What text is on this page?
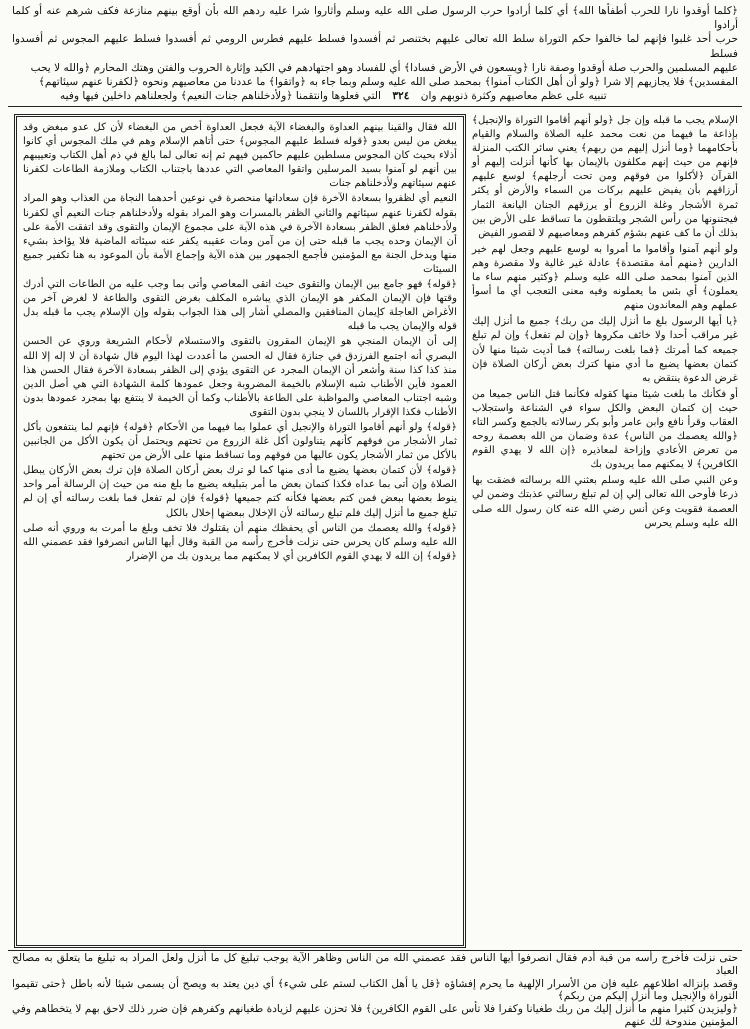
﴿كلما أوقدوا نارا للحرب أطفأها الله﴾ أي كلما أرادوا حرب الرسول صلى الله عليه وسلم وأثاروا شرا عليه ردهم الله بأن أوقع بينهم منازعة فكف شرهم عنه أو كلما أرادوا

حرب أحد غلبوا فإنهم لما خالفوا حكم التوراة سلط الله تعالى عليهم بختنصر ثم أفسدوا فسلط عليهم فطرس الرومي ثم أفسدوا فسلط عليهم المجوس ثم أفسدوا فسلط

عليهم المسلمين والحرب صلة أوقدوا وصفة نارا ﴿ويسعون في الأرض فسادا﴾ أي للفساد وهو اجتهادهم في الكيد وإثارة الحروب والفتن وهتك المحارم ﴿والله لا يحب

المفسدين﴾ فلا يجازيهم إلا شرا ﴿ولو أن أهل الكتاب آمنوا﴾ بمحمد صلى الله عليه وسلم وبما جاء به ﴿واتقوا﴾ ما عددنا من معاصيهم ونحوه ﴿لكفرنا عنهم سيئاتهم﴾

التي فعلوها وانتقمنا ﴿ولأدخلناهم جنات النعيم﴾ ولجعلناهم داخلين فيها وفيه ٣٢٤ تنبيه على عظم معاصيهم وكثرة ذنوبهم وان

الإسلام يجب ما قبله وإن جل ﴿ولو أنهم أقاموا التوراة والإنجيل﴾ بإذاعة ما فيهما من نعت محمد عليه الصلاة والسلام والقيام بأحكامهما ﴿وما أنزل إليهم من ربهم﴾ يعني سائر الكتب المنزلة فإنهم من حيث إنهم مكلفون بالإيمان بها كأنها أنزلت إليهم أو القرآن ﴿لأكلوا من فوقهم ومن تحت أرجلهم﴾ لوسع عليهم أرزاقهم بأن يفيض عليهم بركات من السماء والأرض أو يكثر ثمرة الأشجار وغلة الزروع أو يرزقهم الجنان اليانعة الثمار فيجتنونها من رأس الشجر ويلتقطون ما تساقط على الأرض بين بذلك أن ما كف عنهم بشؤم كفرهم ومعاصيهم لا لقصور الفيض

ولو أنهم آمنوا وأقاموا ما أمروا به لوسع عليهم وجعل لهم خير الدارين ﴿منهم أمة مقتصدة﴾ عادلة غير غالية ولا مقصرة وهم الذين آمنوا بمحمد صلى الله عليه وسلم ﴿وكثير منهم ساء ما يعملون﴾ أي بئس ما يعملونه وفيه معنى التعجب أي ما أسوأ عملهم وهم المعاندون منهم

﴿يا أيها الرسول بلغ ما أنزل إليك من ربك﴾ جميع ما أنزل إليك غير مراقب أحدا ولا خائف مكروها ﴿وإن لم تفعل﴾ وإن لم تبلغ جميعه كما أمرتك ﴿فما بلغت رسالته﴾ فما أديت شيئا منها لأن كتمان بعضها يضيع ما أدي منها كترك بعض أركان الصلاة فإن غرض الدعوة ينتقض به

أو فكأنك ما بلغت شيئا منها كقوله فكأنما قتل الناس جميعا من حيث إن كتمان البعض والكل سواء في الشناعة واستجلاب العقاب وقرأ نافع وابن عامر وأبو بكر رسالاته بالجمع وكسر التاء ﴿والله يعصمك من الناس﴾ عدة وضمان من الله بعصمة روحه من تعرض الأعادي وإزاحة لمعاذيره ﴿إن الله لا يهدي القوم الكافرين﴾ لا يمكنهم مما يريدون بك

وعن النبي صلى الله عليه وسلم بعثني الله برسالته فضقت بها ذرعا فأوحى الله تعالى إلي إن لم تبلغ رسالتي عذبتك وضمن لي العصمة فقويت وعن أنس رضي الله عنه كان رسول الله صلى الله عليه وسلم يحرس

الله فقال والقينا بينهم العداوة والبغضاء الآية فجعل العداوة أخص من البغضاء لأن كل عدو مبغض وقد يبغض من ليس بعدو ﴿قوله فسلط عليهم المجوس﴾ حتى أتاهم الإسلام وهم في ملك المجوس أي كانوا أذلاء بحيث كان المجوس مسلطين عليهم حاكمين فيهم ثم إنه تعالى لما بالغ في ذم أهل الكتاب وتعييبهم بين أنهم لو آمنوا بسيد المرسلين واتقوا المعاصي التي عددها باجتناب الكتاب وملازمة الطاعات لكفرنا عنهم سيئاتهم ولأدخلناهم جنات

النعيم أي لظفروا بسعادة الآخرة فإن سعاداتها منحصرة في نوعين أحدهما النجاة من العذاب وهو المراد بقوله لكفرنا عنهم سيئاتهم والثاني الظفر بالمسرات وهو المراد بقوله ولأدخلناهم جنات النعيم أي لكفرنا ولأدخلناهم فعلق الظفر بسعادة الآخرة في هذه الآية على مجموع الإيمان والتقوى وقد اتفقت الأمة على أن الإيمان وحده يجب ما قبله حتى إن من آمن ومات عقيبه يكفر عنه سيئاته الماضية فلا يؤاخذ بشيء منها ويدخل الجنة مع المؤمنين فأجمع الجمهور بين هذه الآية وإجماع الأمة بأن الموعود به هنا تكفير جميع السيئات

﴿قوله﴾ فهو جامع بين الإيمان والتقوى حيث اتقى المعاصي وأتى بما وجب عليه من الطاعات التي أدرك وقتها فإن الإيمان المكفر هو الإيمان الذي يباشره المكلف بغرض التقوى والطاعة لا لغرض آخر من الأغراض العاجلة كإيمان المنافقين والمصلي أشار إلى هذا الجواب بقوله وإن الإسلام يجب ما قبله بدل قوله والإيمان يجب ما قبله

إلى أن الإيمان المنجي هو الإيمان المقرون بالتقوى والاستسلام لأحكام الشريعة وروي عن الحسن البصري أنه اجتمع الفرزدق في جنازة فقال له الحسن ما أعددت لهذا اليوم قال شهادة أن لا إله إلا الله منذ كذا كذا سنة وأشعر أن الإيمان المجرد عن التقوى يؤدي إلى الظفر بسعادة الآخرة فقال الحسن هذا العمود فأين الأطناب شبه الإسلام بالخيمة المضروبة وجعل عمودها كلمة الشهادة التي هي أصل الدين وشبه اجتناب المعاصي والمواظبة على الطاعة بالأطناب وكما أن الخيمة لا ينتفع بها بمجرد عمودها بدون الأطناب فكذا الإقرار باللسان لا ينجي بدون التقوى

﴿قوله﴾ ولو أنهم أقاموا التوراة والإنجيل أي عملوا بما فيهما من الأحكام ﴿قوله﴾ فإنهم لما ينتفعون بأكل ثمار الأشجار من فوقهم كأنهم يتناولون أكل غلة الزروع من تحتهم ويحتمل أن يكون الأكل من الجانبين بالأكل من ثمار الأشجار يكون عاليها من فوقهم وما تساقط منها على الأرض من تحتهم

﴿قوله﴾ لأن كتمان بعضها يضيع ما أدى منها كما لو ترك بعض أركان الصلاة فإن ترك بعض الأركان يبطل الصلاة وإن أتى بما عداه فكذا كتمان بعض ما أمر بتبليغه يضيع ما بلغ منه من حيث إن الرسالة أمر واحد ينوط بعضها ببعض فمن كتم بعضها فكأنه كتم جميعها ﴿قوله﴾ فإن لم تفعل فما بلغت رسالته أي إن لم تبلغ جميع ما أنزل إليك فلم تبلغ رسالته لأن الإخلال ببعضها إخلال بالكل

﴿قوله﴾ والله يعصمك من الناس أي يحفظك منهم أن يقتلوك فلا تخف وبلغ ما أمرت به وروي أنه صلى الله عليه وسلم كان يحرس حتى نزلت فأخرج رأسه من القبة وقال أيها الناس انصرفوا فقد عصمني الله ﴿قوله﴾ إن الله لا يهدي القوم الكافرين أي لا يمكنهم مما يريدون بك من الإضرار

حتى نزلت فأخرج رأسه من قبة أدم فقال انصرفوا أيها الناس فقد عصمني الله من الناس وظاهر الآية يوجب تبليغ كل ما أنزل ولعل المراد به تبليغ ما يتعلق به مصالح العباد

وقصد بإنزاله اطلاعهم عليه فإن من الأسرار الإلهية ما يحرم إفشاؤه ﴿قل يا أهل الكتاب لستم على شيء﴾ أي دين يعتد به ويصح أن يسمى شيئا لأنه باطل ﴿حتى تقيموا التوراة والإنجيل وما أنزل إليكم من ربكم﴾

﴿وليزيدن كثيرا منهم ما أنزل إليك من ربك طغيانا وكفرا فلا تأس على القوم الكافرين﴾ فلا تحزن عليهم لزيادة طغيانهم وكفرهم فإن ضرر ذلك لاحق بهم لا يتخطاهم وفي المؤمنين مندوحة لك عنهم
